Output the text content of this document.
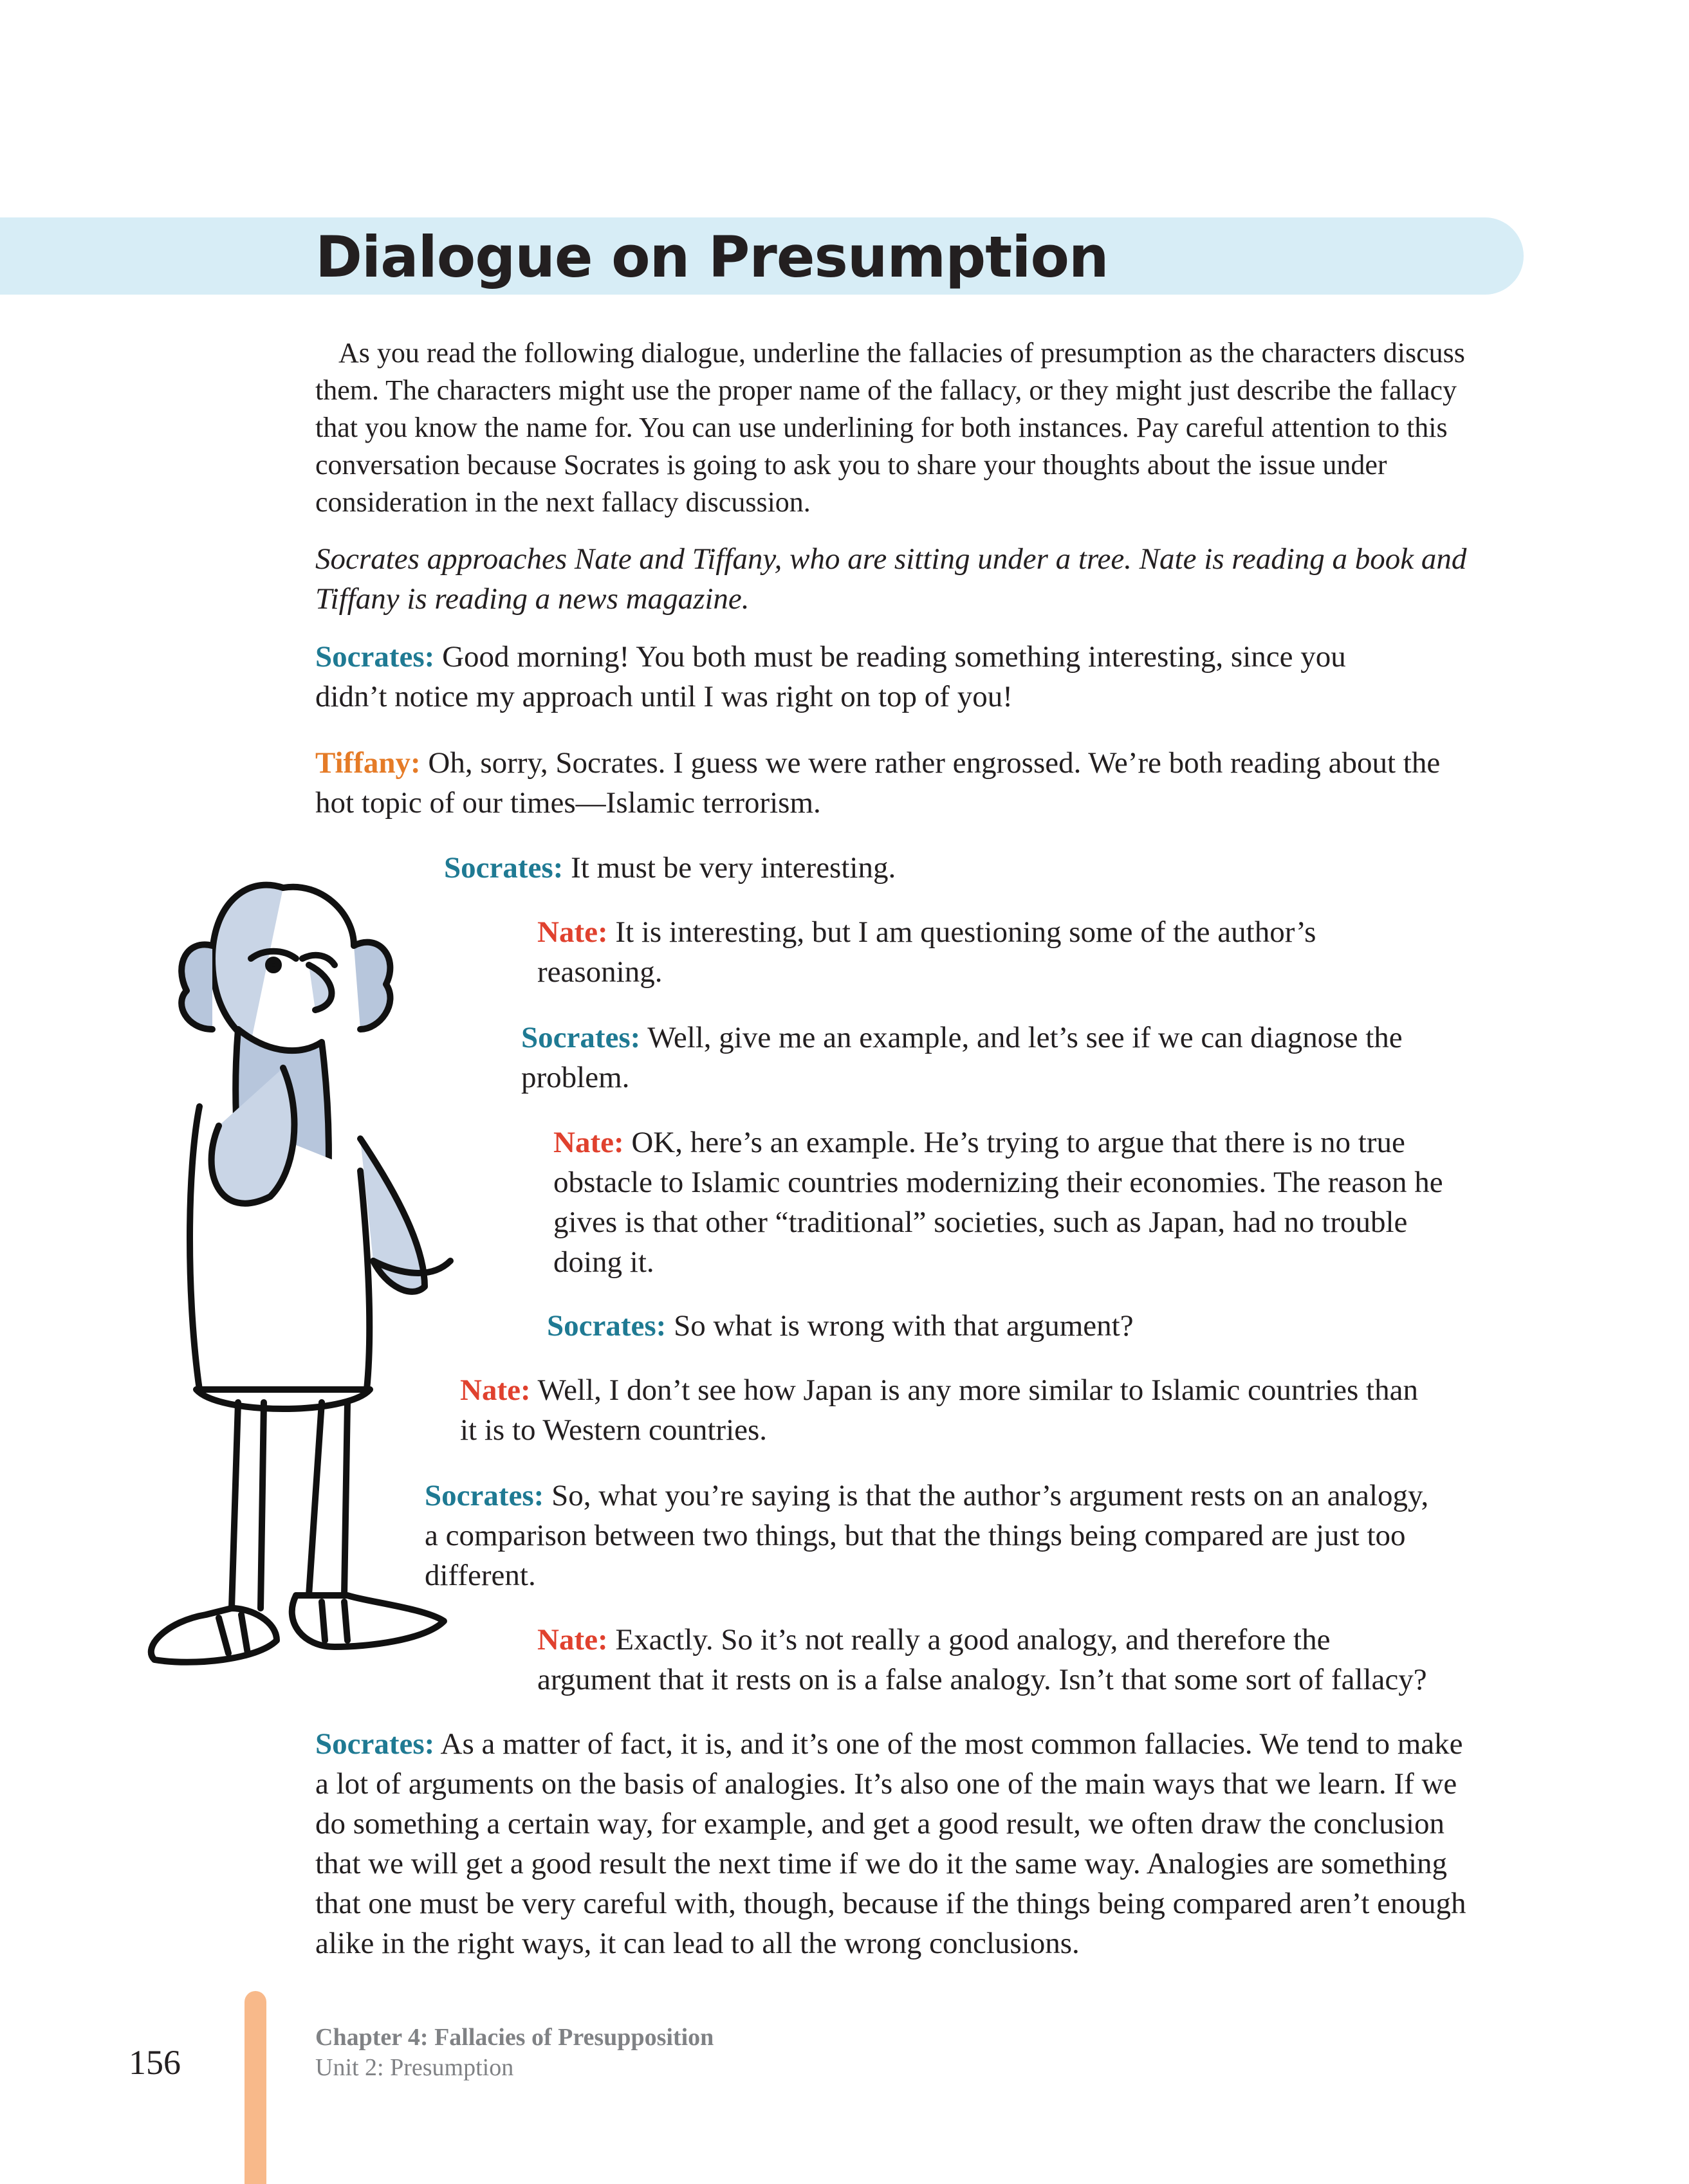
Dialogue on Presumption

As you read the following dialogue, underline the fallacies of presumption as the characters discuss them. The characters might use the proper name of the fallacy, or they might just describe the fallacy that you know the name for. You can use underlining for both instances. Pay careful attention to this conversation because Socrates is going to ask you to share your thoughts about the issue under consideration in the next fallacy discussion.

Socrates approaches Nate and Tiffany, who are sitting under a tree. Nate is reading a book and Tiffany is reading a news magazine.

Socrates: Good morning! You both must be reading something interesting, since you didn’t notice my approach until I was right on top of you!

Tiffany: Oh, sorry, Socrates. I guess we were rather engrossed. We’re both reading about the hot topic of our times—Islamic terrorism.

Socrates: It must be very interesting.

Nate: It is interesting, but I am questioning some of the author’s reasoning.

Socrates: Well, give me an example, and let’s see if we can diagnose the problem.

Nate: OK, here’s an example. He’s trying to argue that there is no true obstacle to Islamic countries modernizing their economies. The reason he gives is that other “traditional” societies, such as Japan, had no trouble doing it.

Socrates: So what is wrong with that argument?

Nate: Well, I don’t see how Japan is any more similar to Islamic countries than it is to Western countries.

Socrates: So, what you’re saying is that the author’s argument rests on an analogy, a comparison between two things, but that the things being compared are just too different.

Nate: Exactly. So it’s not really a good analogy, and therefore the argument that it rests on is a false analogy. Isn’t that some sort of fallacy?

Socrates: As a matter of fact, it is, and it’s one of the most common fallacies. We tend to make a lot of arguments on the basis of analogies. It’s also one of the main ways that we learn. If we do something a certain way, for example, and get a good result, we often draw the conclusion that we will get a good result the next time if we do it the same way. Analogies are something that one must be very careful with, though, because if the things being compared aren’t enough alike in the right ways, it can lead to all the wrong conclusions.

156

Chapter 4: Fallacies of Presupposition

Unit 2: Presumption
